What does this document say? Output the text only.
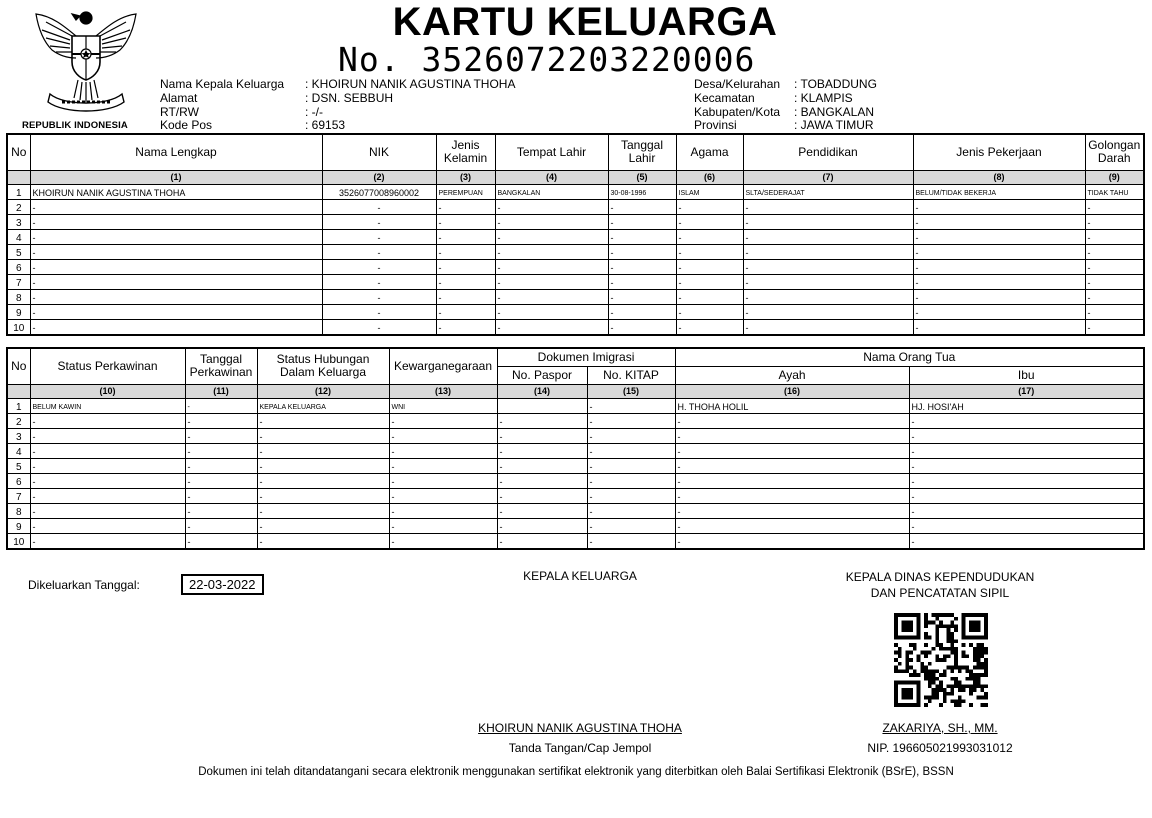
REPUBLIK INDONESIA
KARTU KELUARGA
No. 3526072203220006
Nama Kepala Keluarga : KHOIRUN NANIK AGUSTINA THOHA
Alamat	: DSN. SEBBUH
RT/RW	: -/-
Kode Pos	: 69153
Desa/Kelurahan : TOBADDUNG
Kecamatan	: KLAMPIS
Kabupaten/Kota : BANGKALAN
Provinsi	: JAWA TIMUR
No	Nama Lengkap	NIK	Jenis Kelamin	Tempat Lahir	Tanggal Lahir	Agama	Pendidikan	Jenis Pekerjaan	Golongan Darah
	(1)	(2)	(3)	(4)	(5)	(6)	(7)	(8)	(9)
1	KHOIRUN NANIK AGUSTINA THOHA	3526077008960002	PEREMPUAN	BANGKALAN	30-08-1996	ISLAM	SLTA/SEDERAJAT	BELUM/TIDAK BEKERJA	TIDAK TAHU
2	-	-	-	-	-	-	-	-	-
3	-	-	-	-	-	-	-	-	-
4	-	-	-	-	-	-	-	-	-
5	-	-	-	-	-	-	-	-	-
6	-	-	-	-	-	-	-	-	-
7	-	-	-	-	-	-	-	-	-
8	-	-	-	-	-	-	-	-	-
9	-	-	-	-	-	-	-	-	-
10	-	-	-	-	-	-	-	-	-
No	Status Perkawinan	Tanggal Perkawinan	Status Hubungan Dalam Keluarga	Kewarganegaraan	Dokumen Imigrasi		Nama Orang Tua	
					No. Paspor	No. KITAP	Ayah	Ibu
	(10)	(11)	(12)	(13)	(14)	(15)	(16)	(17)
1	BELUM KAWIN	-	KEPALA KELUARGA	WNI		-	H. THOHA HOLIL	HJ. HOSI'AH
2	-	-	-	-	-	-	-	-
3	-	-	-	-	-	-	-	-
4	-	-	-	-	-	-	-	-
5	-	-	-	-	-	-	-	-
6	-	-	-	-	-	-	-	-
7	-	-	-	-	-	-	-	-
8	-	-	-	-	-	-	-	-
9	-	-	-	-	-	-	-	-
10	-	-	-	-	-	-	-	-
Dikeluarkan Tanggal:	22-03-2022
KEPALA KELUARGA
KHOIRUN NANIK AGUSTINA THOHA
Tanda Tangan/Cap Jempol
KEPALA DINAS KEPENDUDUKAN
DAN PENCATATAN SIPIL
ZAKARIYA, SH., MM.
NIP. 196605021993031012
Dokumen ini telah ditandatangani secara elektronik menggunakan sertifikat elektronik yang diterbitkan oleh Balai Sertifikasi Elektronik (BSrE), BSSN
